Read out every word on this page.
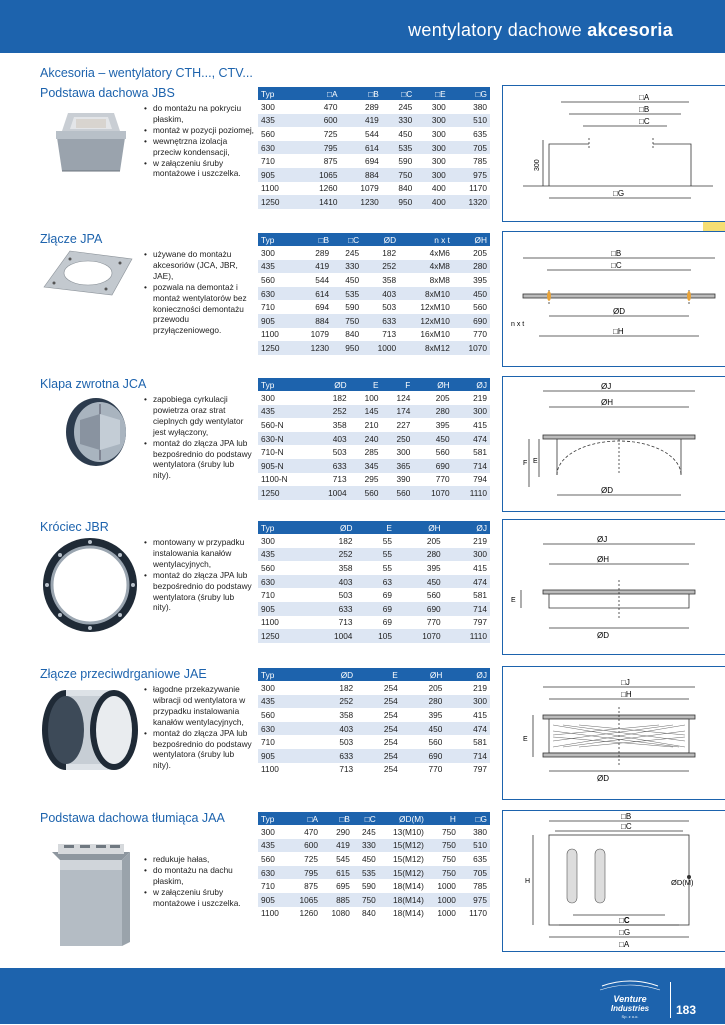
wentylatory dachowe akcesoria
Akcesoria – wentylatory CTH..., CTV...
Podstawa dachowa JBS
• do montażu na pokryciu płaskim,
• montaż w pozycji poziomej,
• wewnętrzna izolacja przeciw kondensacji,
• w załączeniu śruby montażowe i uszczelka.
Typ	□A	□B	□C	□E	□G
300	470	289	245	300	380
435	600	419	330	300	510
560	725	544	450	300	635
630	795	614	535	300	705
710	875	694	590	300	785
905	1065	884	750	300	975
1100	1260	1079	840	400	1170
1250	1410	1230	950	400	1320
□A
□B
□C
300
□G
Złącze JPA
• używane do montażu akcesoriów (JCA, JBR, JAE),
• pozwala na demontaż i montaż wentylatorów bez konieczności demontażu przewodu przyłączeniowego.
Typ	□B	□C	ØD	n x t	ØH
300	289	245	182	4xM6	205
435	419	330	252	4xM8	280
560	544	450	358	8xM8	395
630	614	535	403	8xM10	450
710	694	590	503	12xM10	560
905	884	750	633	12xM10	690
1100	1079	840	713	16xM10	770
1250	1230	950	1000	8xM12	1070
□B
□C
ØD
n x t
□H
Klapa zwrotna JCA
• zapobiega cyrkulacji powietrza oraz strat cieplnych gdy wentylator jest wyłączony,
• montaż do złącza JPA lub bezpośrednio do podstawy wentylatora (śruby lub nity).
Typ	ØD	E	F	ØH	ØJ
300	182	100	124	205	219
435	252	145	174	280	300
560-N	358	210	227	395	415
630-N	403	240	250	450	474
710-N	503	285	300	560	581
905-N	633	345	365	690	714
1100-N	713	295	390	770	794
1250	1004	560	560	1070	1110
ØJ
ØH
F E
ØD
Króciec JBR
• montowany w przypadku instalowania kanałów wentylacyjnych,
• montaż do złącza JPA lub bezpośrednio do podstawy wentylatora (śruby lub nity).
Typ	ØD	E	ØH	ØJ
300	182	55	205	219
435	252	55	280	300
560	358	55	395	415
630	403	63	450	474
710	503	69	560	581
905	633	69	690	714
1100	713	69	770	797
1250	1004	105	1070	1110
ØJ
ØH
E
ØD
Złącze przeciwdrganiowe JAE
• łagodne przekazywanie wibracji od wentylatora w przypadku instalowania kanałów wentylacyjnych,
• montaż do złącza JPA lub bezpośrednio do podstawy wentylatora (śruby lub nity).
Typ	ØD	E	ØH	ØJ
300	182	254	205	219
435	252	254	280	300
560	358	254	395	415
630	403	254	450	474
710	503	254	560	581
905	633	254	690	714
1100	713	254	770	797
□J
□H
E
ØD
Podstawa dachowa tłumiąca JAA
• redukuje hałas,
• do montażu na dachu płaskim,
• w załączeniu śruby montażowe i uszczelka.
Typ	□A	□B	□C	ØD(M)	H	□G
300	470	290	245	13(M10)	750	380
435	600	419	330	15(M12)	750	510
560	725	545	450	15(M12)	750	635
630	795	615	535	15(M12)	750	705
710	875	695	590	18(M14)	1000	785
905	1065	885	750	18(M14)	1000	975
1100	1260	1080	840	18(M14)	1000	1170
□B
□C
H	ØD(M)
□C
□G
□A
Venture
Industries
Sp. z o.o.	183
